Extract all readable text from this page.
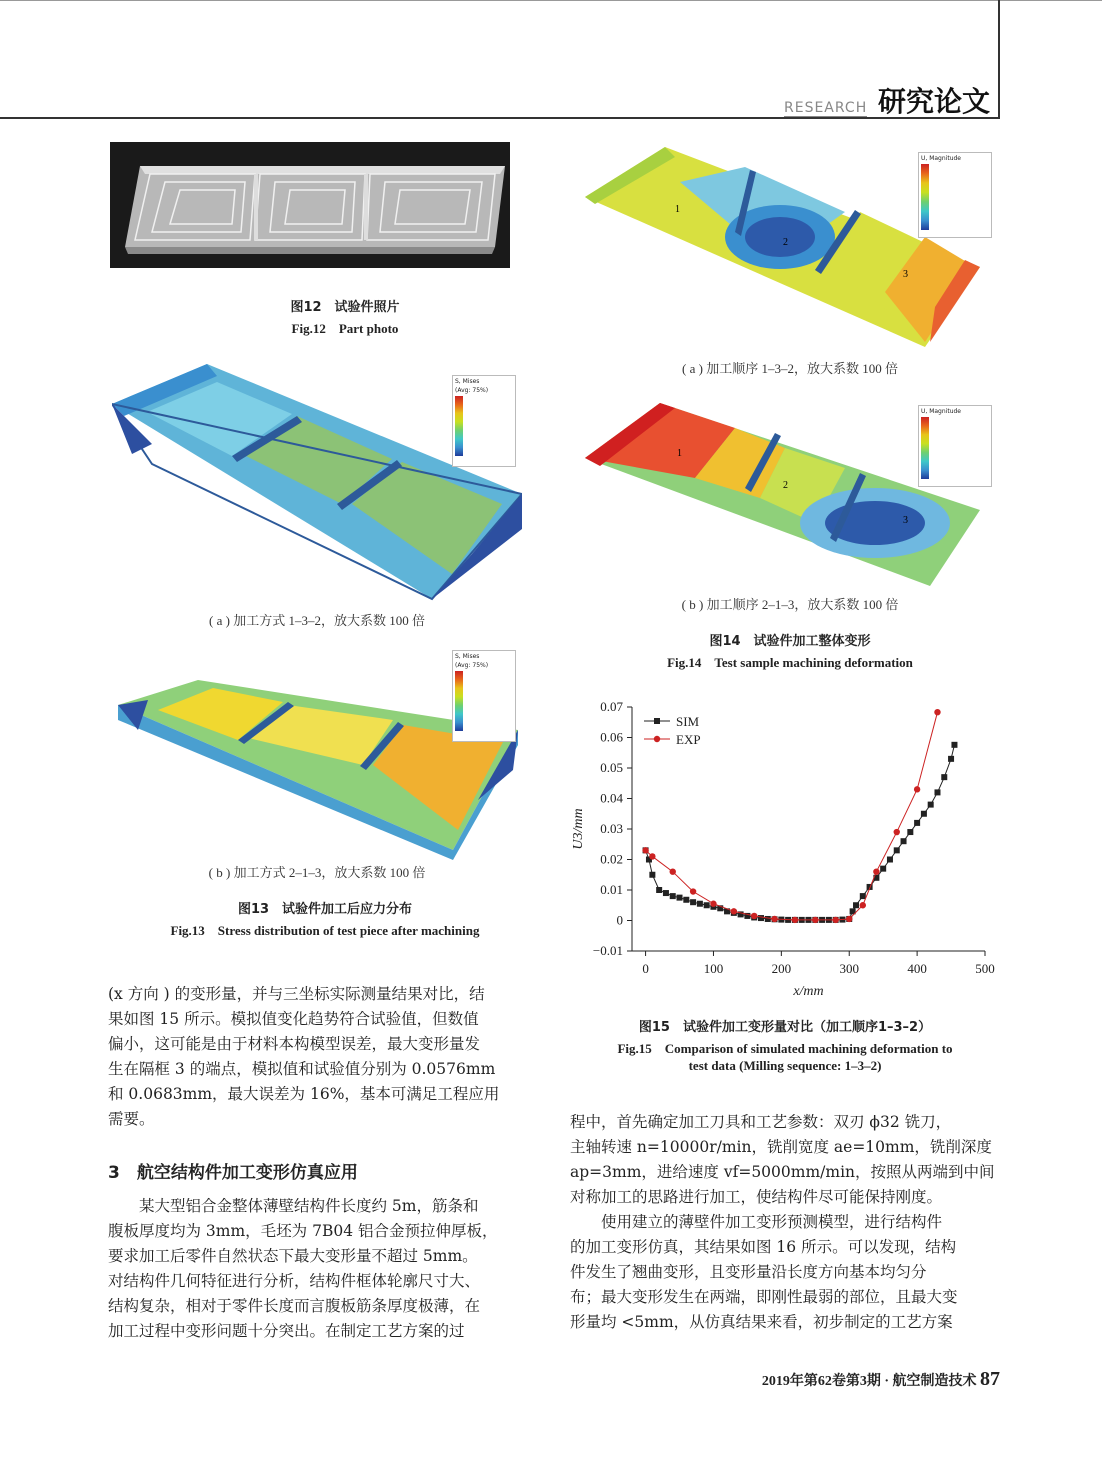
RESEARCH 研究论文
图12　试验件照片
Fig.12　Part photo
S, Mises
(Avg: 75%)
( a ) 加工方式 1–3–2，放大系数 100 倍
S, Mises
(Avg: 75%)
( b ) 加工方式 2–1–3，放大系数 100 倍
图13　试验件加工后应力分布
Fig.13　Stress distribution of test piece after machining
1
2
3
U, Magnitude
( a ) 加工顺序 1–3–2，放大系数 100 倍
1
2
3
U, Magnitude
( b ) 加工顺序 2–1–3，放大系数 100 倍
图14　试验件加工整体变形
Fig.14　Test sample machining deformation
−0.01
0
0.01
0.02
0.03
0.04
0.05
0.06
0.07
0	100	200	300	400	500
x/mm
U3/mm
SIM
EXP
图15　试验件加工变形量对比（加工顺序1–3–2）
Fig.15　Comparison of simulated machining deformation to
test data (Milling sequence: 1–3–2)
(x 方向 ) 的变形量，并与三坐标实际测量结果对比，结
果如图 15 所示。模拟值变化趋势符合试验值，但数值
偏小，这可能是由于材料本构模型误差，最大变形量发
生在隔框 3 的端点，模拟值和试验值分别为 0.0576mm
和 0.0683mm，最大误差为 16%，基本可满足工程应用
需要。
3　航空结构件加工变形仿真应用
　　某大型铝合金整体薄壁结构件长度约 5m，筋条和
腹板厚度均为 3mm，毛坯为 7B04 铝合金预拉伸厚板，
要求加工后零件自然状态下最大变形量不超过 5mm。
对结构件几何特征进行分析，结构件框体轮廓尺寸大、
结构复杂，相对于零件长度而言腹板筋条厚度极薄，在
加工过程中变形问题十分突出。在制定工艺方案的过
程中，首先确定加工刀具和工艺参数：双刃 ϕ32 铣刀，
主轴转速 n=10000r/min，铣削宽度 ae=10mm，铣削深度
ap=3mm，进给速度 vf=5000mm/min，按照从两端到中间
对称加工的思路进行加工，使结构件尽可能保持刚度。
　　使用建立的薄壁件加工变形预测模型，进行结构件
的加工变形仿真，其结果如图 16 所示。可以发现，结构
件发生了翘曲变形，且变形量沿长度方向基本均匀分
布；最大变形发生在两端，即刚性最弱的部位，且最大变
形量均 <5mm，从仿真结果来看，初步制定的工艺方案
2019年第62卷第3期 · 航空制造技术 87
